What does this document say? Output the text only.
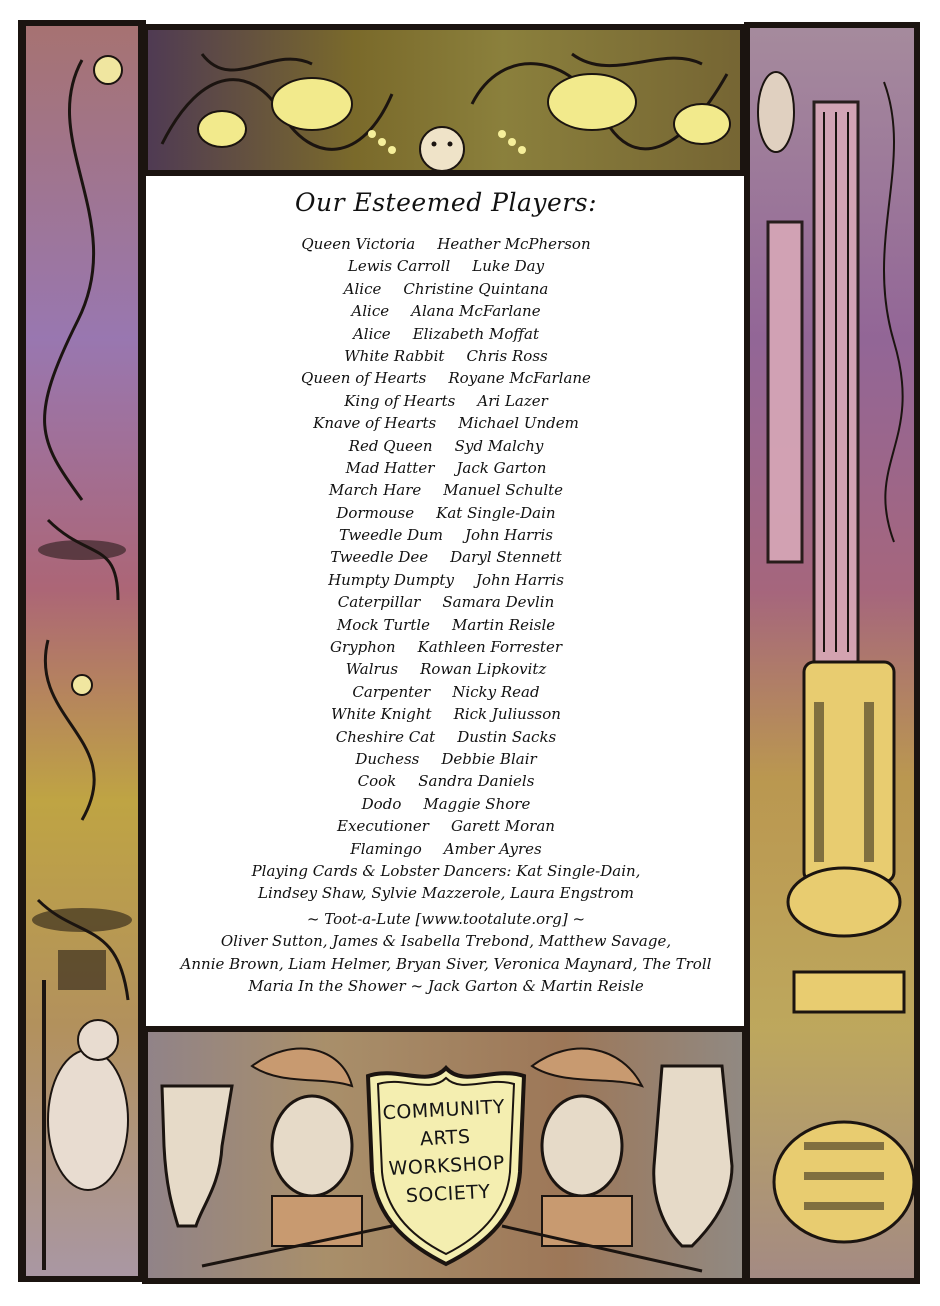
COMMUNITY
ARTS
WORKSHOP
SOCIETY
Our Esteemed Players:
Queen Victoria Heather McPherson
Lewis Carroll Luke Day
Alice Christine Quintana
Alice Alana McFarlane
Alice Elizabeth Moffat
White Rabbit Chris Ross
Queen of Hearts Royane McFarlane
King of Hearts Ari Lazer
Knave of Hearts Michael Undem
Red Queen Syd Malchy
Mad Hatter Jack Garton
March Hare Manuel Schulte
Dormouse Kat Single-Dain
Tweedle Dum John Harris
Tweedle Dee Daryl Stennett
Humpty Dumpty John Harris
Caterpillar Samara Devlin
Mock Turtle Martin Reisle
Gryphon Kathleen Forrester
Walrus Rowan Lipkovitz
Carpenter Nicky Read
White Knight Rick Juliusson
Cheshire Cat Dustin Sacks
Duchess Debbie Blair
Cook Sandra Daniels
Dodo Maggie Shore
Executioner Garett Moran
Flamingo Amber Ayres
Playing Cards & Lobster Dancers: Kat Single-Dain,
Lindsey Shaw, Sylvie Mazzerole, Laura Engstrom
~ Toot-a-Lute [www.tootalute.org] ~
Oliver Sutton, James & Isabella Trebond, Matthew Savage,
Annie Brown, Liam Helmer, Bryan Siver, Veronica Maynard, The Troll
Maria In the Shower ~ Jack Garton & Martin Reisle
